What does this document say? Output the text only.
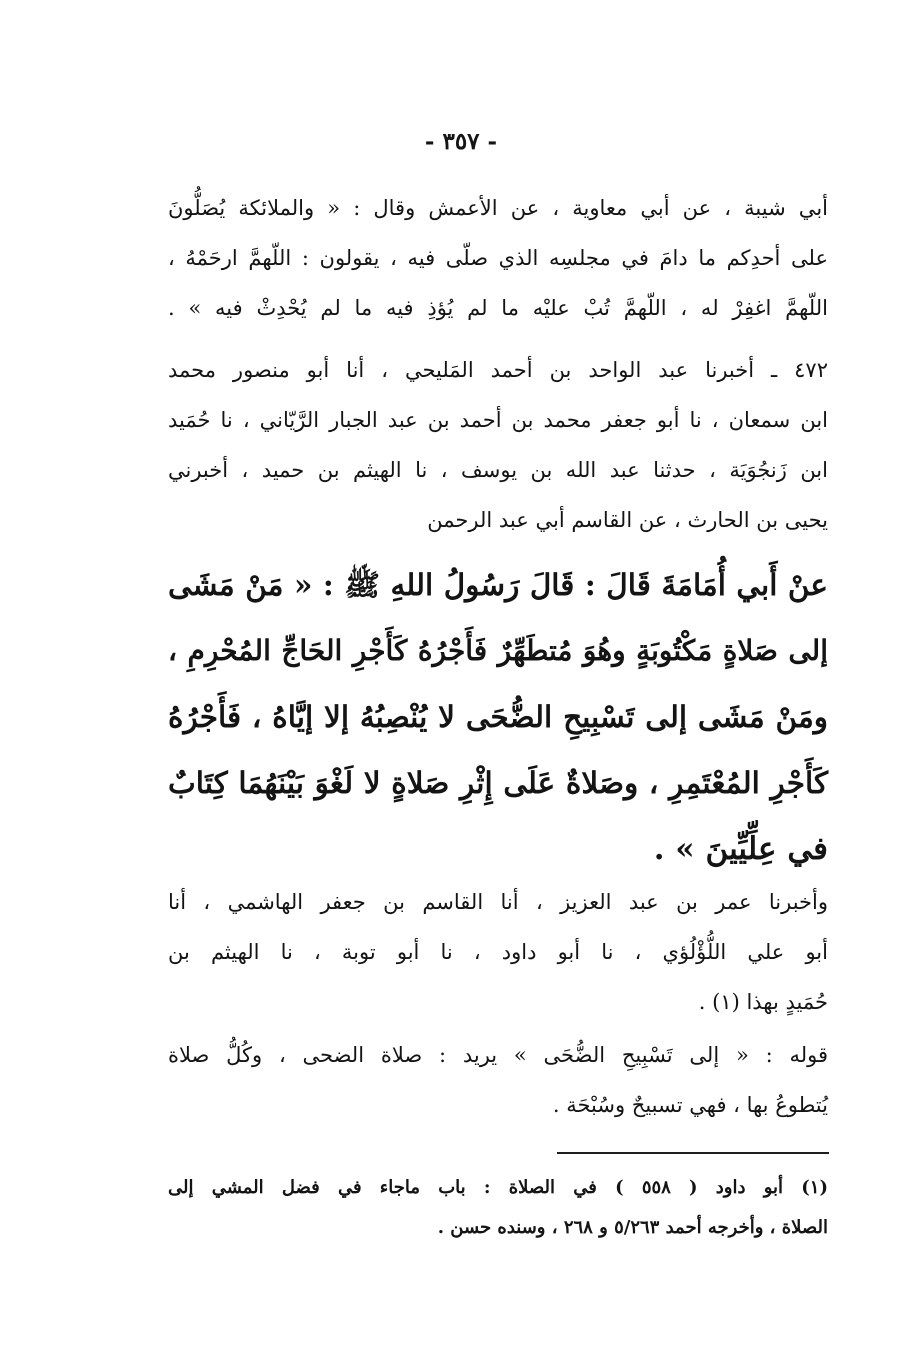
- ٣٥٧ -
أبي شيبة ، عن أبي معاوية ، عن الأعمش وقال : « والملائكة يُصَلُّونَ
على أحدِكم ما دامَ في مجلسِه الذي صلّى فيه ، يقولون : اللّهمَّ ارحَمْهُ ،
اللّهمَّ اغفِرْ له ، اللّهمَّ تُبْ عليْه ما لم يُؤذِ فيه ما لم يُحْدِثْ فيه » .
٤٧٢ ـ أخبرنا عبد الواحد بن أحمد المَليحي ، أنا أبو منصور محمد
ابن سمعان ، نا أبو جعفر محمد بن أحمد بن عبد الجبار الرَّيّاني ، نا حُمَيد
ابن زَنجُوَيَة ، حدثنا عبد الله بن يوسف ، نا الهيثم بن حميد ، أخبرني
يحيى بن الحارث ، عن القاسم أبي عبد الرحمن
عنْ أَبي أُمَامَةَ قَالَ : قَالَ رَسُولُ اللهِ ﷺ : « مَنْ مَشَى
إلى صَلاةٍ مَكْتُوبَةٍ وهُوَ مُتطَهِّرٌ فَأَجْرُهُ كَأَجْرِ الحَاجِّ المُحْرِمِ ،
ومَنْ مَشَى إلى تَسْبِيحِ الضُّحَى لا يُنْصِبُهُ إلا إيَّاهُ ، فَأَجْرُهُ
كَأَجْرِ المُعْتَمِرِ ، وصَلاةٌ عَلَى إِثْرِ صَلاةٍ لا لَغْوَ بَيْنَهُمَا كِتَابٌ
في عِلِّيِّينَ » .
وأخبرنا عمر بن عبد العزيز ، أنا القاسم بن جعفر الهاشمي ، أنا
أبو علي اللُّؤْلُؤي ، نا أبو داود ، نا أبو توبة ، نا الهيثم بن
حُمَيدٍ بهذا (١) .
قوله : « إلى تَسْبِيحِ الضُّحَى » يريد : صلاة الضحى ، وكُلُّ صلاة
يُتطوعُ بها ، فهي تسبيحٌ وسُبْحَة .
(١) أبو داود ( ٥٥٨ ) في الصلاة : باب ماجاء في فضل المشي إلى
الصلاة ، وأخرجه أحمد ٥/٢٦٣ و ٢٦٨ ، وسنده حسن .
